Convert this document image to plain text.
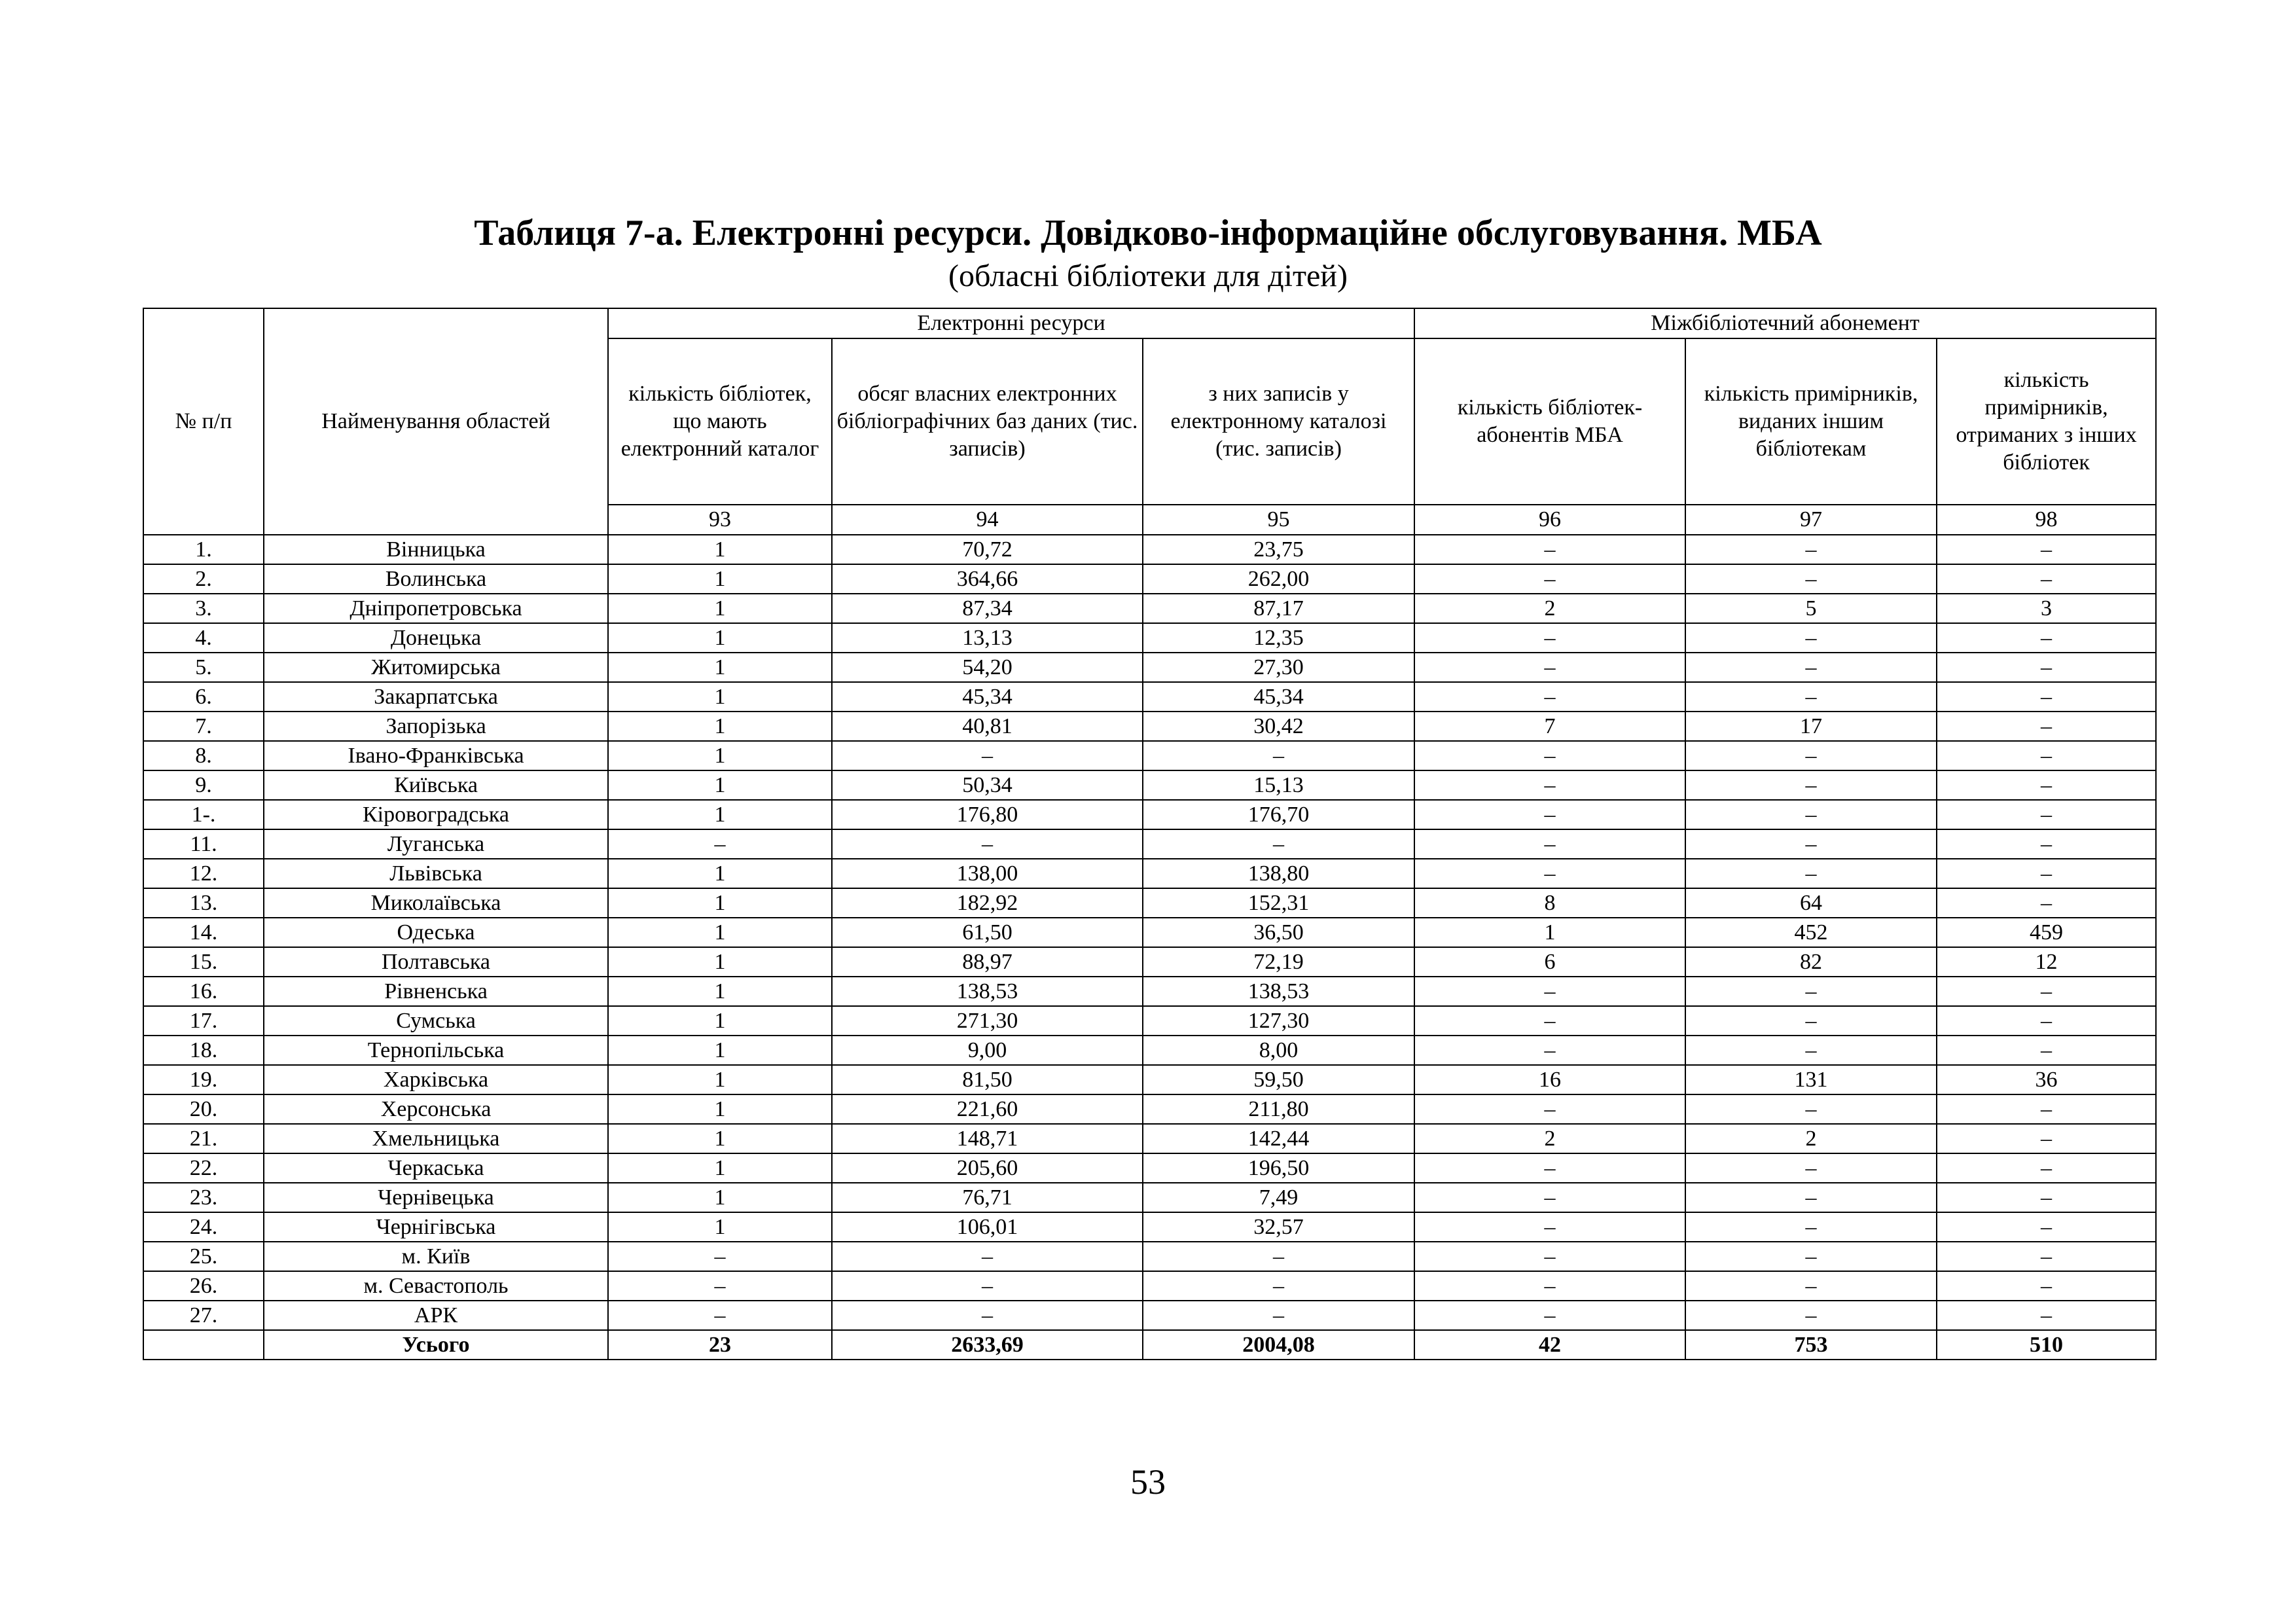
Таблиця 7-а. Електронні ресурси. Довідково-інформаційне обслуговування. МБА
(обласні бібліотеки для дітей)
№ п/п	Найменування областей	Електронні ресурси			Міжбібліотечний абонемент		
		кількість бібліотек, що мають електронний каталог	обсяг власних електронних бібліографічних баз даних (тис. записів)	з них записів у електронному каталозі (тис. записів)	кількість бібліотек-абонентів МБА	кількість примірників, виданих іншим бібліотекам	кількість примірників, отриманих з інших бібліотек
		93	94	95	96	97	98
1.	Вінницька	1	70,72	23,75	–	–	–
2.	Волинська	1	364,66	262,00	–	–	–
3.	Дніпропетровська	1	87,34	87,17	2	5	3
4.	Донецька	1	13,13	12,35	–	–	–
5.	Житомирська	1	54,20	27,30	–	–	–
6.	Закарпатська	1	45,34	45,34	–	–	–
7.	Запорізька	1	40,81	30,42	7	17	–
8.	Івано-Франківська	1	–	–	–	–	–
9.	Київська	1	50,34	15,13	–	–	–
1-.	Кіровоградська	1	176,80	176,70	–	–	–
11.	Луганська	–	–	–	–	–	–
12.	Львівська	1	138,00	138,80	–	–	–
13.	Миколаївська	1	182,92	152,31	8	64	–
14.	Одеська	1	61,50	36,50	1	452	459
15.	Полтавська	1	88,97	72,19	6	82	12
16.	Рівненська	1	138,53	138,53	–	–	–
17.	Сумська	1	271,30	127,30	–	–	–
18.	Тернопільська	1	9,00	8,00	–	–	–
19.	Харківська	1	81,50	59,50	16	131	36
20.	Херсонська	1	221,60	211,80	–	–	–
21.	Хмельницька	1	148,71	142,44	2	2	–
22.	Черкаська	1	205,60	196,50	–	–	–
23.	Чернівецька	1	76,71	7,49	–	–	–
24.	Чернігівська	1	106,01	32,57	–	–	–
25.	м. Київ	–	–	–	–	–	–
26.	м. Севастополь	–	–	–	–	–	–
27.	АРК	–	–	–	–	–	–
	Усього	23	2633,69	2004,08	42	753	510
53
